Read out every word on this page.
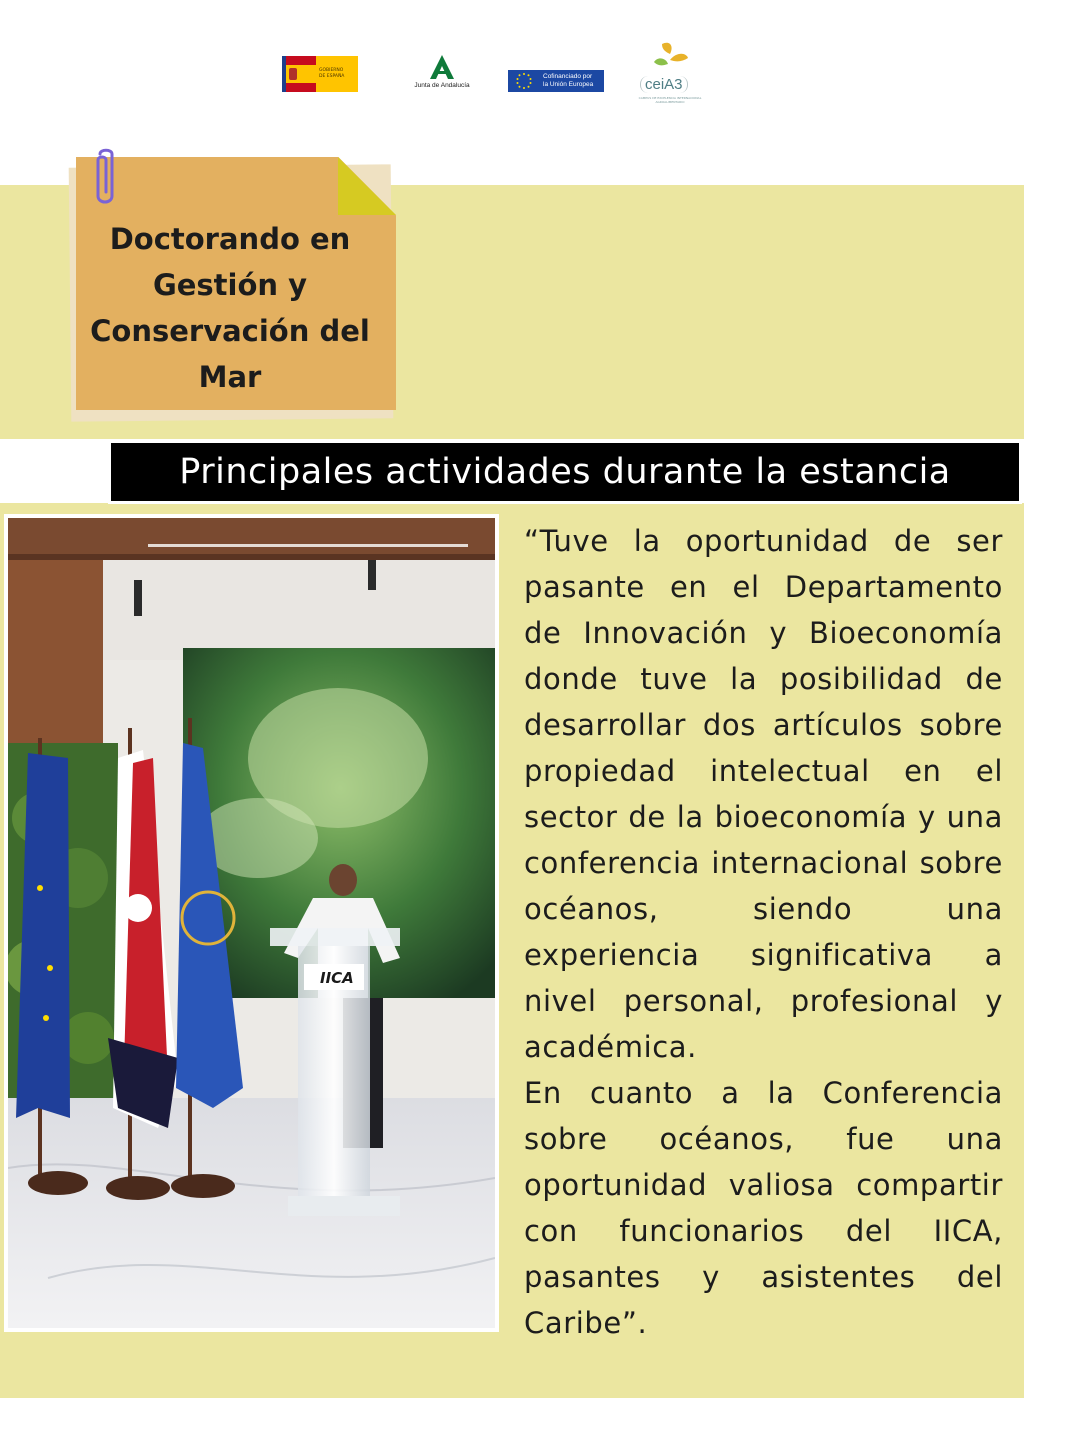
GOBIERNO
DE ESPAÑA
Junta de Andalucía
Cofinanciado por
la Unión Europea	ceiA3
CAMPUS DE EXCELENCIA INTERNACIONAL AGROALIMENTARIO
Doctorando en Gestión y Conservación del Mar
Principales actividades durante la estancia
IICA

“Tuve la oportunidad de ser pasante en el Departamento de Innovación y Bioeconomía donde tuve la posibilidad de desarrollar dos artículos sobre propiedad intelectual en el sector de la bioeconomía y una conferencia internacional sobre océanos, siendo una experiencia significativa a nivel personal, profesional y académica.

En cuanto a la Conferencia sobre océanos, fue una oportunidad valiosa compartir con funcionarios del IICA, pasantes y asistentes del Caribe”.
